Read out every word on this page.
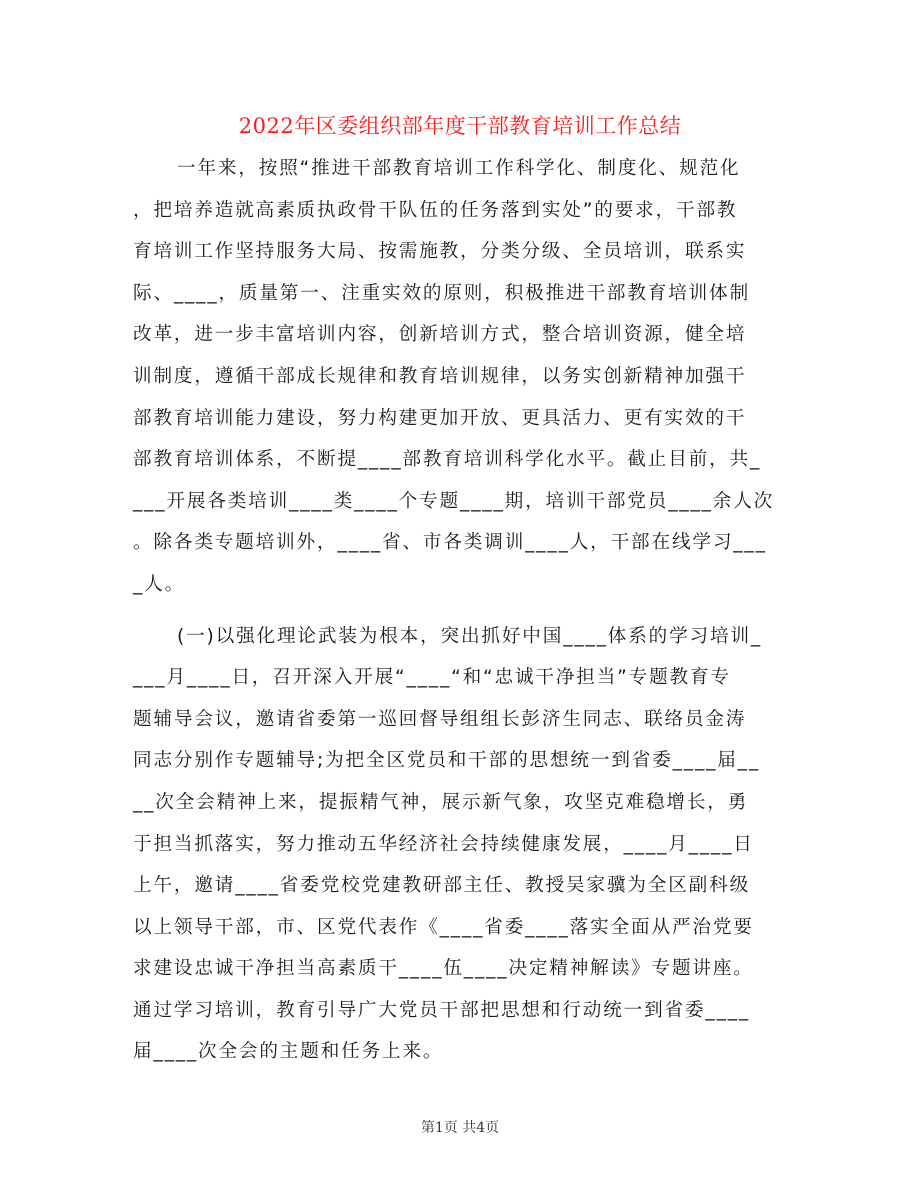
2022年区委组织部年度干部教育培训工作总结
一年来，按照“推进干部教育培训工作科学化、制度化、规范化
，把培养造就高素质执政骨干队伍的任务落到实处”的要求，干部教
育培训工作坚持服务大局、按需施教，分类分级、全员培训，联系实
际、____，质量第一、注重实效的原则，积极推进干部教育培训体制
改革，进一步丰富培训内容，创新培训方式，整合培训资源，健全培
训制度，遵循干部成长规律和教育培训规律，以务实创新精神加强干
部教育培训能力建设，努力构建更加开放、更具活力、更有实效的干
部教育培训体系，不断提____部教育培训科学化水平。截止目前，共_
___开展各类培训____类____个专题____期，培训干部党员____余人次
。除各类专题培训外，____省、市各类调训____人，干部在线学习___
_人。
(一)以强化理论武装为根本，突出抓好中国____体系的学习培训_
___月____日，召开深入开展“____“和“忠诚干净担当”专题教育专
题辅导会议，邀请省委第一巡回督导组组长彭济生同志、联络员金涛
同志分别作专题辅导;为把全区党员和干部的思想统一到省委____届__
__次全会精神上来，提振精气神，展示新气象，攻坚克难稳增长，勇
于担当抓落实，努力推动五华经济社会持续健康发展，____月____日
上午，邀请____省委党校党建教研部主任、教授吴家骥为全区副科级
以上领导干部，市、区党代表作《____省委____落实全面从严治党要
求建设忠诚干净担当高素质干____伍____决定精神解读》专题讲座。
通过学习培训，教育引导广大党员干部把思想和行动统一到省委____
届____次全会的主题和任务上来。
第1页 共4页
